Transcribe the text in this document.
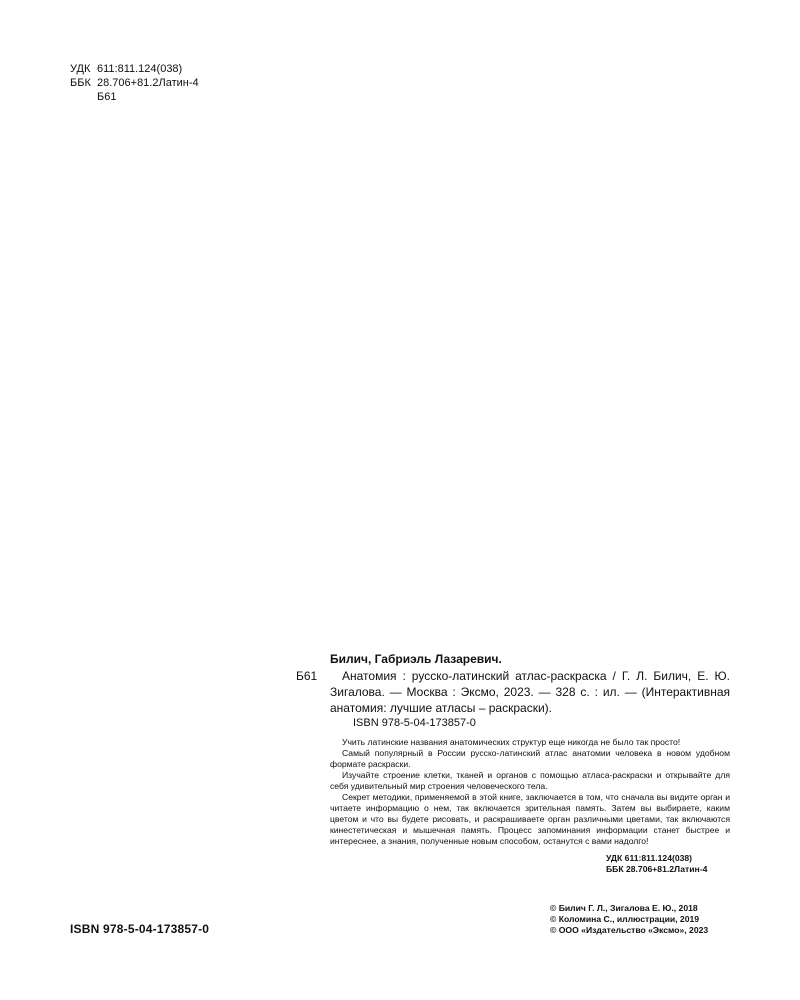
УДК 611:811.124(038)
ББК 28.706+81.2Латин-4
Б61
Билич, Габриэль Лазаревич.
Б61	Анатомия : русско-латинский атлас-раскраска / Г. Л. Билич, Е. Ю. Зигалова. — Москва : Эксмо, 2023. — 328 с. : ил. — (Интерактивная анатомия: лучшие атласы – раскраски).
ISBN 978-5-04-173857-0

Учить латинские названия анатомических структур еще никогда не было так просто!

Самый популярный в России русско-латинский атлас анатомии человека в новом удобном формате раскраски.

Изучайте строение клетки, тканей и органов с помощью атласа-раскраски и открывайте для себя удивительный мир строения человеческого тела.

Секрет методики, применяемой в этой книге, заключается в том, что сначала вы видите орган и читаете информацию о нем, так включается зрительная память. Затем вы выбираете, каким цветом и что вы будете рисовать, и раскрашиваете орган различными цветами, так включаются кинестетическая и мышечная память. Процесс запоминания информации станет быстрее и интереснее, а знания, полученные новым способом, останутся с вами надолго!

УДК 611:811.124(038)
ББК 28.706+81.2Латин-4
ISBN 978-5-04-173857-0
© Билич Г. Л., Зигалова Е. Ю., 2018
© Коломина С., иллюстрации, 2019
© ООО «Издательство «Эксмо», 2023
